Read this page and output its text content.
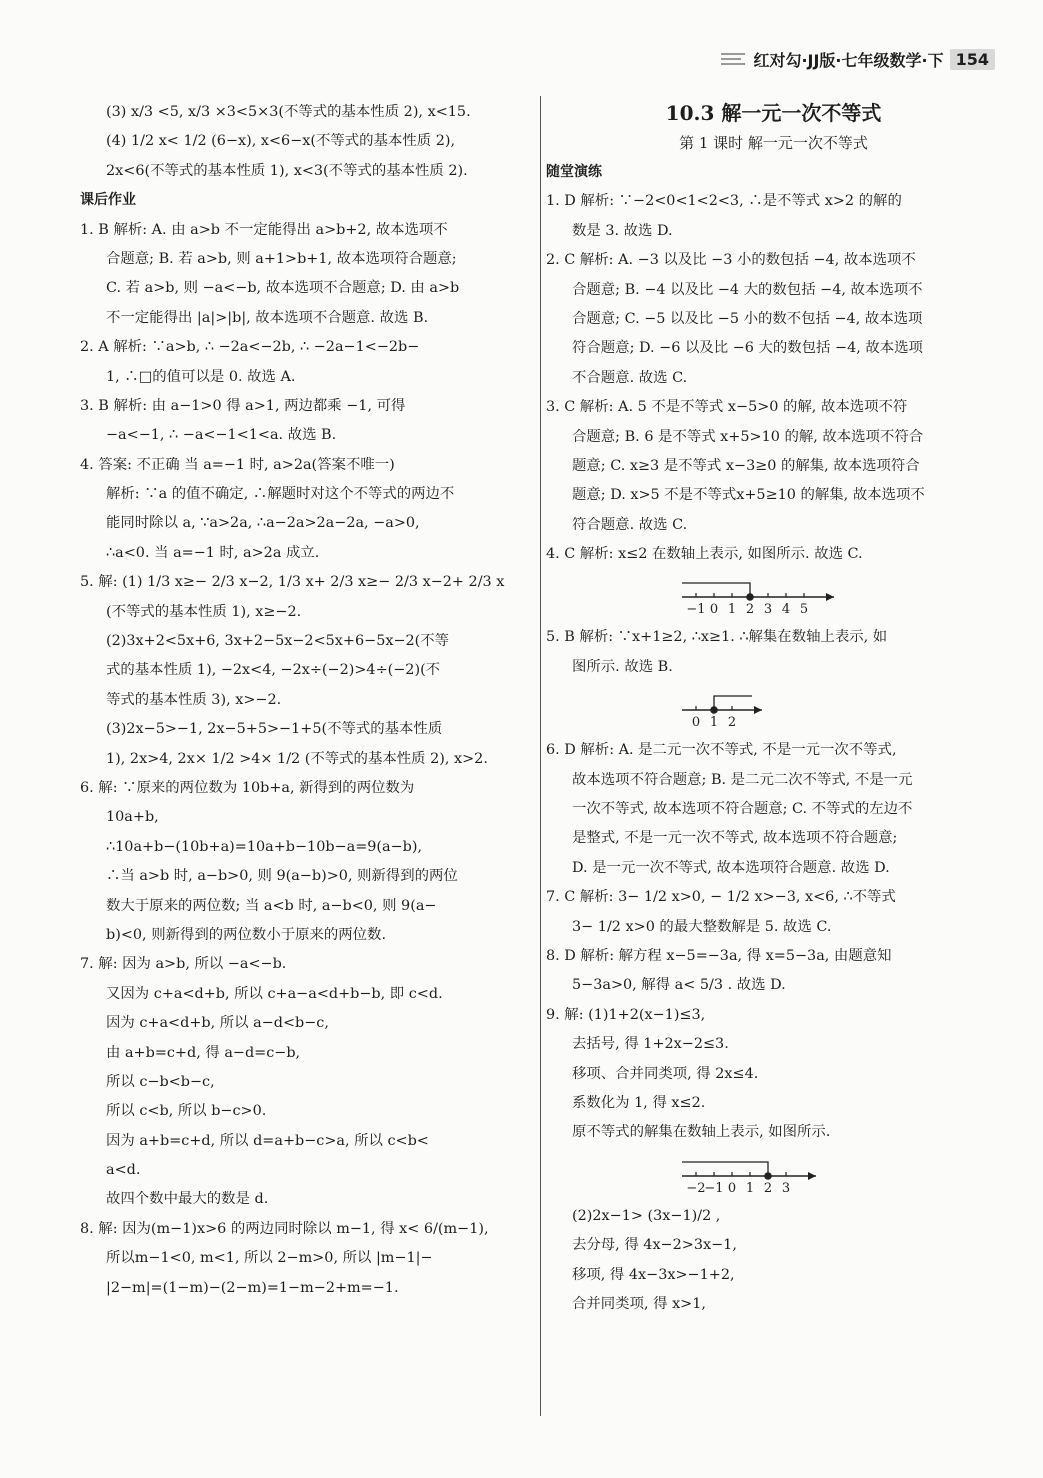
红对勾·JJ版·七年级数学·下 154
(3) x/3 <5, x/3 ×3<5×3(不等式的基本性质 2), x<15.
(4) 1/2 x< 1/2 (6−x), x<6−x(不等式的基本性质 2),
2x<6(不等式的基本性质 1), x<3(不等式的基本性质 2).
课后作业
1. B 解析: A. 由 a>b 不一定能得出 a>b+2, 故本选项不
合题意; B. 若 a>b, 则 a+1>b+1, 故本选项符合题意;
C. 若 a>b, 则 −a<−b, 故本选项不合题意; D. 由 a>b
不一定能得出 |a|>|b|, 故本选项不合题意. 故选 B.
2. A 解析: ∵a>b, ∴ −2a<−2b, ∴ −2a−1<−2b−
1, ∴□的值可以是 0. 故选 A.
3. B 解析: 由 a−1>0 得 a>1, 两边都乘 −1, 可得
−a<−1, ∴ −a<−1<1<a. 故选 B.
4. 答案: 不正确 当 a=−1 时, a>2a(答案不唯一)
解析: ∵a 的值不确定, ∴解题时对这个不等式的两边不
能同时除以 a, ∵a>2a, ∴a−2a>2a−2a, −a>0,
∴a<0. 当 a=−1 时, a>2a 成立.
5. 解: (1) 1/3 x≥− 2/3 x−2, 1/3 x+ 2/3 x≥− 2/3 x−2+ 2/3 x
(不等式的基本性质 1), x≥−2.
(2)3x+2<5x+6, 3x+2−5x−2<5x+6−5x−2(不等
式的基本性质 1), −2x<4, −2x÷(−2)>4÷(−2)(不
等式的基本性质 3), x>−2.
(3)2x−5>−1, 2x−5+5>−1+5(不等式的基本性质
1), 2x>4, 2x× 1/2 >4× 1/2 (不等式的基本性质 2), x>2.
6. 解: ∵原来的两位数为 10b+a, 新得到的两位数为
10a+b,
∴10a+b−(10b+a)=10a+b−10b−a=9(a−b),
∴当 a>b 时, a−b>0, 则 9(a−b)>0, 则新得到的两位
数大于原来的两位数; 当 a<b 时, a−b<0, 则 9(a−
b)<0, 则新得到的两位数小于原来的两位数.
7. 解: 因为 a>b, 所以 −a<−b.
又因为 c+a<d+b, 所以 c+a−a<d+b−b, 即 c<d.
因为 c+a<d+b, 所以 a−d<b−c,
由 a+b=c+d, 得 a−d=c−b,
所以 c−b<b−c,
所以 c<b, 所以 b−c>0.
因为 a+b=c+d, 所以 d=a+b−c>a, 所以 c<b<
a<d.
故四个数中最大的数是 d.
8. 解: 因为(m−1)x>6 的两边同时除以 m−1, 得 x< 6/(m−1),
所以m−1<0, m<1, 所以 2−m>0, 所以 |m−1|−
|2−m|=(1−m)−(2−m)=1−m−2+m=−1.
10.3 解一元一次不等式
第 1 课时 解一元一次不等式
随堂演练
1. D 解析: ∵−2<0<1<2<3, ∴是不等式 x>2 的解的
数是 3. 故选 D.
2. C 解析: A. −3 以及比 −3 小的数包括 −4, 故本选项不
合题意; B. −4 以及比 −4 大的数包括 −4, 故本选项不
合题意; C. −5 以及比 −5 小的数不包括 −4, 故本选项
符合题意; D. −6 以及比 −6 大的数包括 −4, 故本选项
不合题意. 故选 C.
3. C 解析: A. 5 不是不等式 x−5>0 的解, 故本选项不符
合题意; B. 6 是不等式 x+5>10 的解, 故本选项不符合
题意; C. x≥3 是不等式 x−3≥0 的解集, 故本选项符合
题意; D. x>5 不是不等式x+5≥10 的解集, 故本选项不
符合题意. 故选 C.
4. C 解析: x≤2 在数轴上表示, 如图所示. 故选 C.
−1 0 1 2 3 4 5
5. B 解析: ∵x+1≥2, ∴x≥1. ∴解集在数轴上表示, 如
图所示. 故选 B.
0 1 2
6. D 解析: A. 是二元一次不等式, 不是一元一次不等式,
故本选项不符合题意; B. 是二元二次不等式, 不是一元
一次不等式, 故本选项不符合题意; C. 不等式的左边不
是整式, 不是一元一次不等式, 故本选项不符合题意;
D. 是一元一次不等式, 故本选项符合题意. 故选 D.
7. C 解析: 3− 1/2 x>0, − 1/2 x>−3, x<6, ∴不等式
3− 1/2 x>0 的最大整数解是 5. 故选 C.
8. D 解析: 解方程 x−5=−3a, 得 x=5−3a, 由题意知
5−3a>0, 解得 a< 5/3 . 故选 D.
9. 解: (1)1+2(x−1)≤3,
去括号, 得 1+2x−2≤3.
移项、合并同类项, 得 2x≤4.
系数化为 1, 得 x≤2.
原不等式的解集在数轴上表示, 如图所示.
−2
−1 0 1 2 3
(2)2x−1> (3x−1)/2 ,
去分母, 得 4x−2>3x−1,
移项, 得 4x−3x>−1+2,
合并同类项, 得 x>1,
